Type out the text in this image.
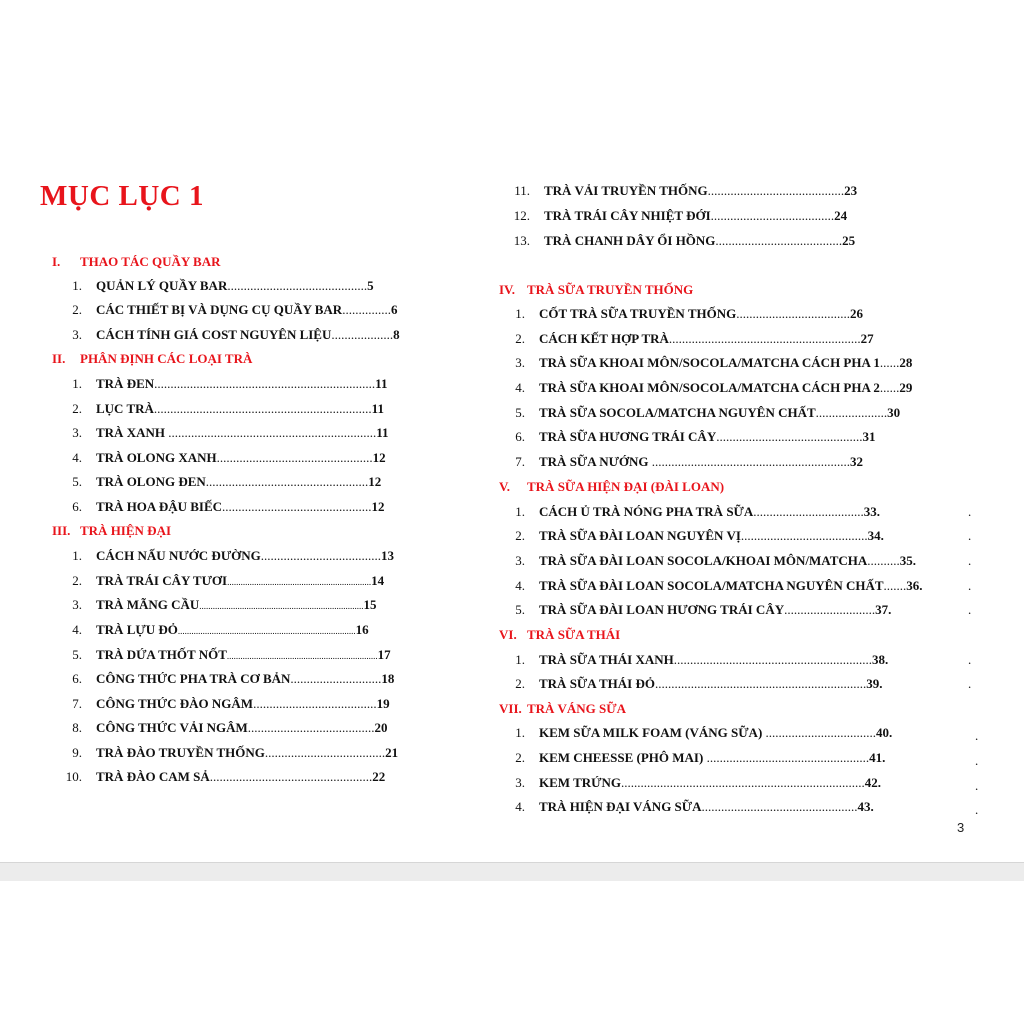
MỤC LỤC 1
I. THAO TÁC QUẦY BAR
1. QUẢN LÝ QUẦY BAR...........................................5
2. CÁC THIẾT BỊ VÀ DỤNG CỤ QUẦY BAR...............6
3. CÁCH TÍNH GIÁ COST NGUYÊN LIỆU...................8
II. PHÂN ĐỊNH CÁC LOẠI TRÀ
1. TRÀ ĐEN....................................................................11
2. LỤC TRÀ...................................................................11
3. TRÀ XANH ................................................................11
4. TRÀ OLONG XANH................................................12
5. TRÀ OLONG ĐEN..................................................12
6. TRÀ HOA ĐẬU BIẾC..............................................12
III. TRÀ HIỆN ĐẠI
1. CÁCH NẤU NƯỚC ĐƯỜNG.....................................13
2. TRÀ TRÁI CÂY TƯƠI................................................................14
3. TRÀ MÃNG CẦU.........................................................................15
4. TRÀ LỰU ĐỎ...............................................................................16
5. TRÀ DỨA THỐT NỐT...................................................................17
6. CÔNG THỨC PHA TRÀ CƠ BẢN............................18
7. CÔNG THỨC ĐÀO NGÂM......................................19
8. CÔNG THỨC VẢI NGÂM.......................................20
9. TRÀ ĐÀO TRUYỀN THỐNG.....................................21
10. TRÀ ĐÀO CAM SẢ..................................................22
11. TRÀ VẢI TRUYỀN THỐNG..........................................23
12. TRÀ TRÁI CÂY NHIỆT ĐỚI......................................24
13. TRÀ CHANH DÂY ỔI HỒNG.......................................25
IV. TRÀ SỮA TRUYỀN THỐNG
1. CỐT TRÀ SỮA TRUYỀN THỐNG...................................26
2. CÁCH KẾT HỢP TRÀ...........................................................27
3. TRÀ SỮA KHOAI MÔN/SOCOLA/MATCHA CÁCH PHA 1......28
4. TRÀ SỮA KHOAI MÔN/SOCOLA/MATCHA CÁCH PHA 2......29
5. TRÀ SỮA SOCOLA/MATCHA NGUYÊN CHẤT......................30
6. TRÀ SỮA HƯƠNG TRÁI CÂY.............................................31
7. TRÀ SỮA NƯỚNG .............................................................32
V. TRÀ SỮA HIỆN ĐẠI (ĐÀI LOAN)
1. CÁCH Ủ TRÀ NÓNG PHA TRÀ SỮA..................................33.	.
2. TRÀ SỮA ĐÀI LOAN NGUYÊN VỊ.......................................34.	.
3. TRÀ SỮA ĐÀI LOAN SOCOLA/KHOAI MÔN/MATCHA..........35.	.
4. TRÀ SỮA ĐÀI LOAN SOCOLA/MATCHA NGUYÊN CHẤT.......36.	.
5. TRÀ SỮA ĐÀI LOAN HƯƠNG TRÁI CÂY............................37.	.
VI. TRÀ SỮA THÁI
1. TRÀ SỮA THÁI XANH.............................................................38.	.
2. TRÀ SỮA THÁI ĐỎ.................................................................39.	.
VII. TRÀ VÁNG SỮA
1. KEM SỮA MILK FOAM (VÁNG SỮA) ..................................40.	.
2. KEM CHEESSE (PHÔ MAI) ..................................................41.	.
3. KEM TRỨNG...........................................................................42.	.
4. TRÀ HIỆN ĐẠI VÁNG SỮA................................................43.	.
3
